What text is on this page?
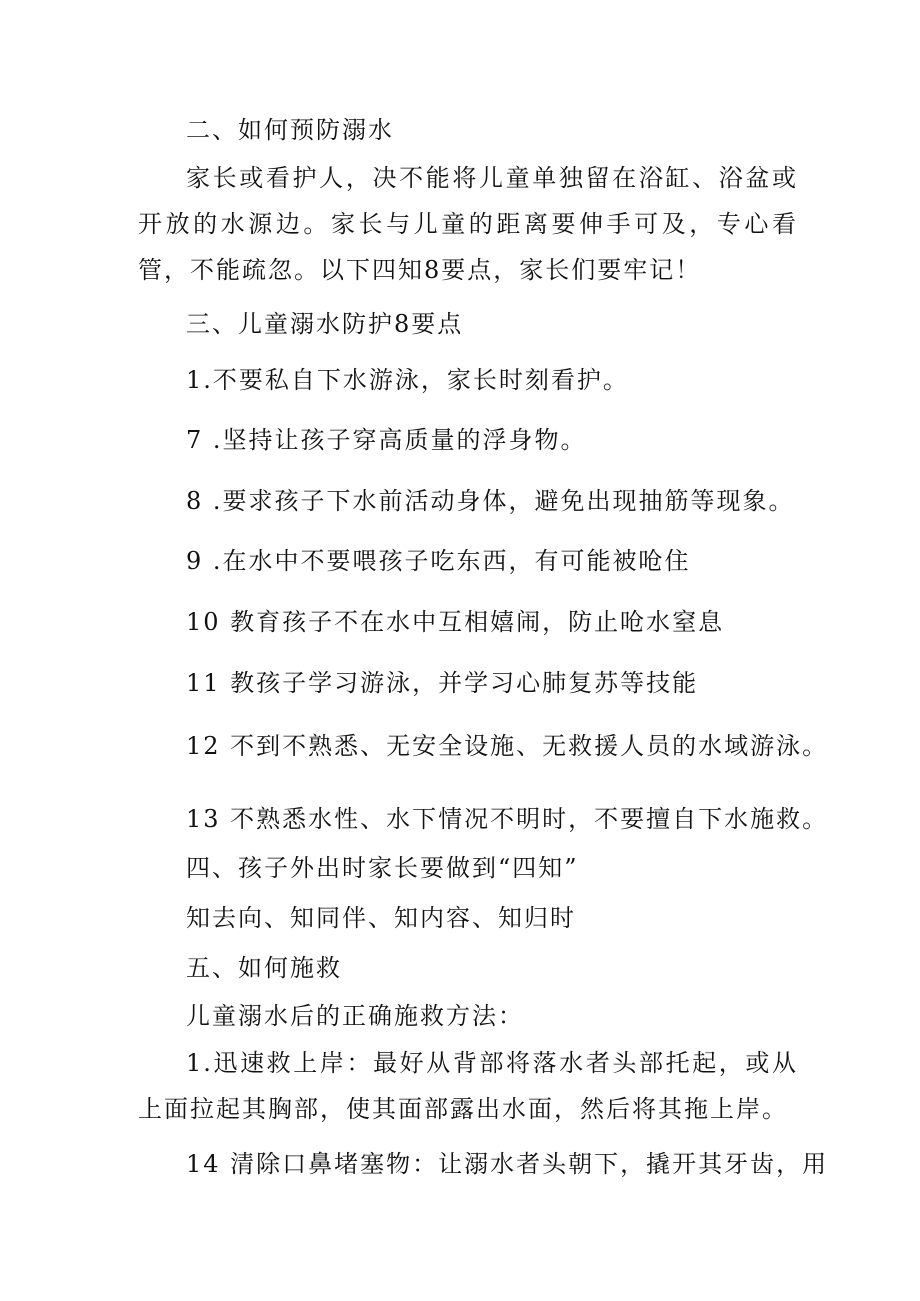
二、如何预防溺水
家长或看护人，决不能将儿童单独留在浴缸、浴盆或开放的水源边。家长与儿童的距离要伸手可及，专心看管，不能疏忽。以下四知8要点，家长们要牢记！
三、儿童溺水防护8要点
1.不要私自下水游泳，家长时刻看护。
7 .坚持让孩子穿高质量的浮身物。
8 .要求孩子下水前活动身体，避免出现抽筋等现象。
9 .在水中不要喂孩子吃东西，有可能被呛住
10 教育孩子不在水中互相嬉闹，防止呛水窒息
11 教孩子学习游泳，并学习心肺复苏等技能
12 不到不熟悉、无安全设施、无救援人员的水域游泳。
13 不熟悉水性、水下情况不明时，不要擅自下水施救。
四、孩子外出时家长要做到“四知”
知去向、知同伴、知内容、知归时
五、如何施救
儿童溺水后的正确施救方法：
1.迅速救上岸：最好从背部将落水者头部托起，或从上面拉起其胸部，使其面部露出水面，然后将其拖上岸。
14 清除口鼻堵塞物：让溺水者头朝下，撬开其牙齿，用
